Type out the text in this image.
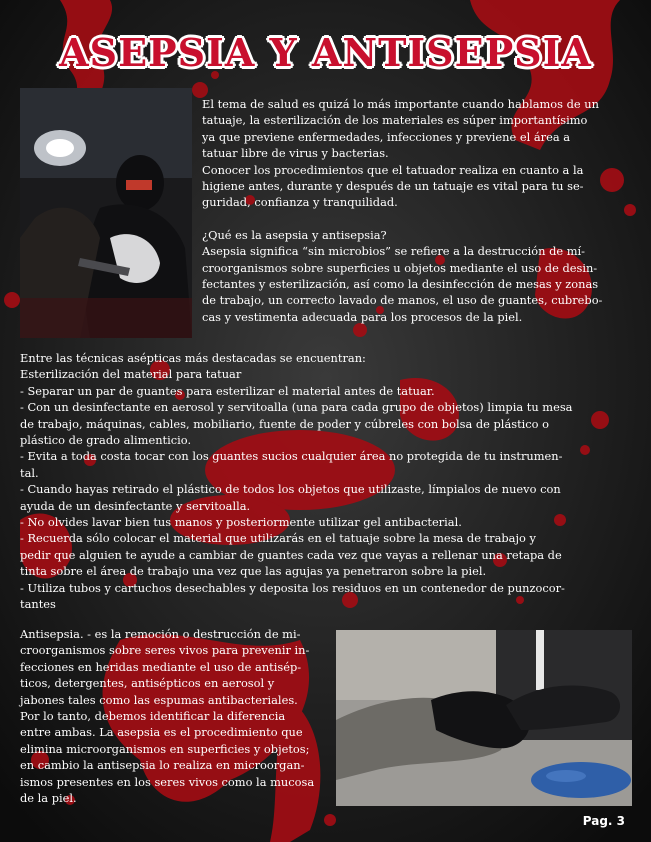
ASEPSIA Y ANTISEPSIA

El tema de salud es quizá lo más importante cuando hablamos de un
tatuaje, la esterilización de los materiales es súper importantísimo
ya que previene enfermedades, infecciones y previene el área a
tatuar libre de virus y bacterias.

Conocer los procedimientos que el tatuador realiza en cuanto a la
higiene antes, durante y después de un tatuaje es vital para tu se-
guridad, confianza y tranquilidad.

¿Qué es la asepsia y antisepsia?

Asepsia significa “sin microbios” se refiere a la destrucción de mí-
croorganismos sobre superficies u objetos mediante el uso de desin-
fectantes y esterilización, así como la desinfección de mesas y zonas
de trabajo, un correcto lavado de manos, el uso de guantes, cubrebo-
cas y vestimenta adecuada para los procesos de la piel.

Entre las técnicas asépticas más destacadas se encuentran:

Esterilización del material para tatuar

- Separar un par de guantes para esterilizar el material antes de tatuar.

- Con un desinfectante en aerosol y servitoalla (una para cada grupo de objetos) limpia tu mesa
de trabajo, máquinas, cables, mobiliario, fuente de poder y cúbreles con bolsa de plástico o
plástico de grado alimenticio.

- Evita a toda costa tocar con los guantes sucios cualquier área no protegida de tu instrumen-
tal.

- Cuando hayas retirado el plástico de todos los objetos que utilizaste, límpialos de nuevo con
ayuda de un desinfectante y servitoalla.

- No olvides lavar bien tus manos y posteriormente utilizar gel antibacterial.

- Recuerda sólo colocar el material que utilizarás en el tatuaje sobre la mesa de trabajo y
pedir que alguien te ayude a cambiar de guantes cada vez que vayas a rellenar una retapa de
tinta sobre el área de trabajo una vez que las agujas ya penetraron sobre la piel.

- Utiliza tubos y cartuchos desechables y deposita los residuos en un contenedor de punzocor-
tantes

Antisepsia. - es la remoción o destrucción de mi-
croorganismos sobre seres vivos para prevenir in-
fecciones en heridas mediante el uso de antisép-
ticos, detergentes, antisépticos en aerosol y
jabones tales como las espumas antibacteriales.
Por lo tanto, debemos identificar la diferencia
entre ambas. La asepsia es el procedimiento que
elimina microorganismos en superficies y objetos;
en cambio la antisepsia lo realiza en microorgan-
ismos presentes en los seres vivos como la mucosa
de la piel.

Pag. 3
